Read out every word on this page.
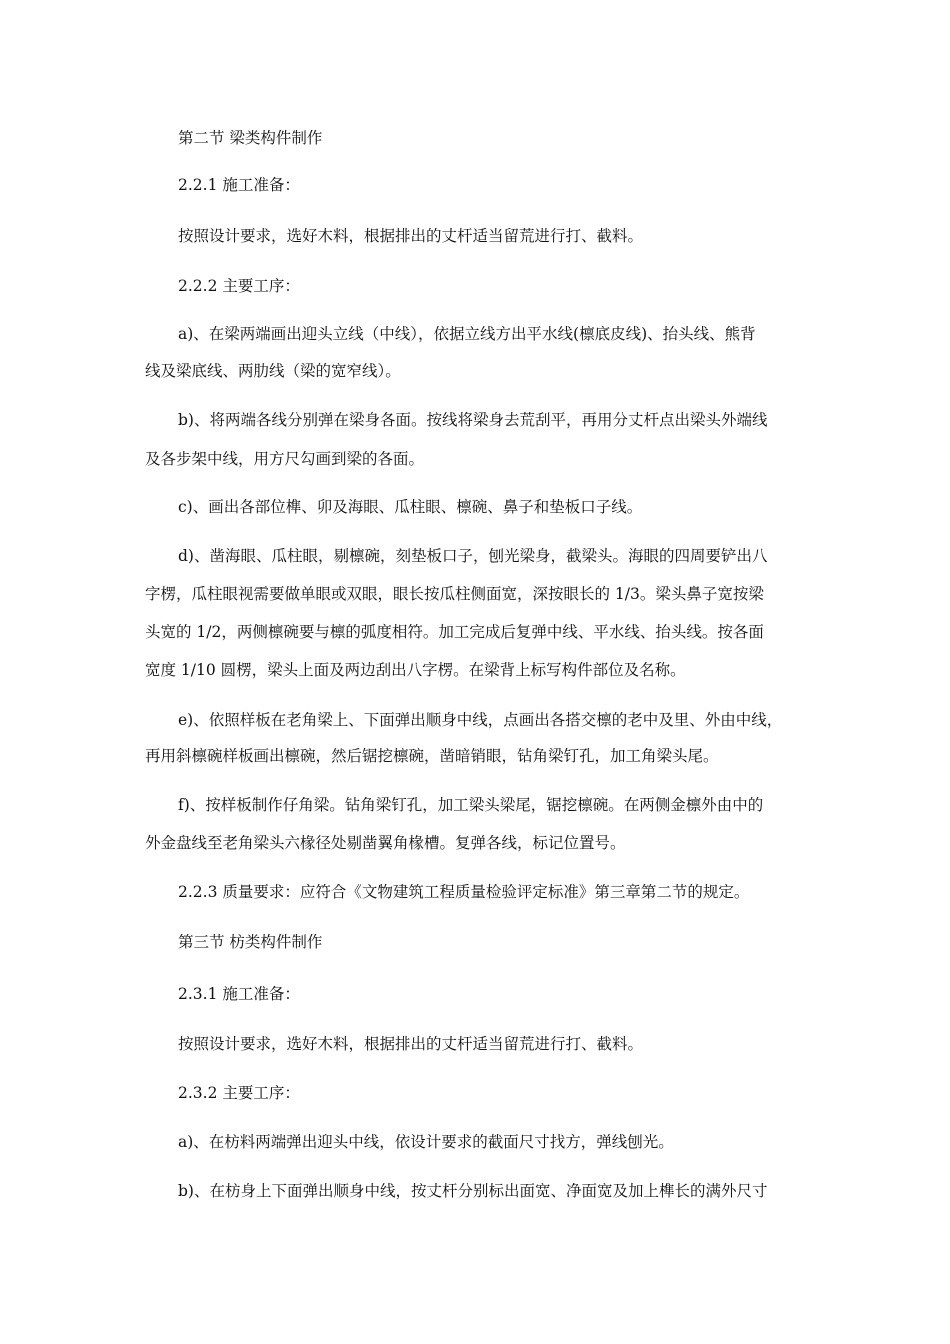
第二节 梁类构件制作
2.2.1 施工准备：
按照设计要求，选好木料，根据排出的丈杆适当留荒进行打、截料。
2.2.2 主要工序：
a)、在梁两端画出迎头立线（中线），依据立线方出平水线(檩底皮线)、抬头线、熊背
线及梁底线、两肋线（梁的宽窄线）。
b)、将两端各线分别弹在梁身各面。按线将梁身去荒刮平，再用分丈杆点出梁头外端线
及各步架中线，用方尺勾画到梁的各面。
c)、画出各部位榫、卯及海眼、瓜柱眼、檩碗、鼻子和垫板口子线。
d)、凿海眼、瓜柱眼，剔檩碗，刻垫板口子，刨光梁身，截梁头。海眼的四周要铲出八
字楞，瓜柱眼视需要做单眼或双眼，眼长按瓜柱侧面宽，深按眼长的 1/3。梁头鼻子宽按梁
头宽的 1/2，两侧檩碗要与檩的弧度相符。加工完成后复弹中线、平水线、抬头线。按各面
宽度 1/10 圆楞，梁头上面及两边刮出八字楞。在梁背上标写构件部位及名称。
e)、依照样板在老角梁上、下面弹出顺身中线，点画出各搭交檩的老中及里、外由中线，
再用斜檩碗样板画出檩碗，然后锯挖檩碗，凿暗销眼，钻角梁钉孔，加工角梁头尾。
f)、按样板制作仔角梁。钻角梁钉孔，加工梁头梁尾，锯挖檩碗。在两侧金檩外由中的
外金盘线至老角梁头六椽径处剔凿翼角椽槽。复弹各线，标记位置号。
2.2.3 质量要求：应符合《文物建筑工程质量检验评定标准》第三章第二节的规定。
第三节 枋类构件制作
2.3.1 施工准备：
按照设计要求，选好木料，根据排出的丈杆适当留荒进行打、截料。
2.3.2 主要工序：
a)、在枋料两端弹出迎头中线，依设计要求的截面尺寸找方，弹线刨光。
b)、在枋身上下面弹出顺身中线，按丈杆分别标出面宽、净面宽及加上榫长的满外尺寸
